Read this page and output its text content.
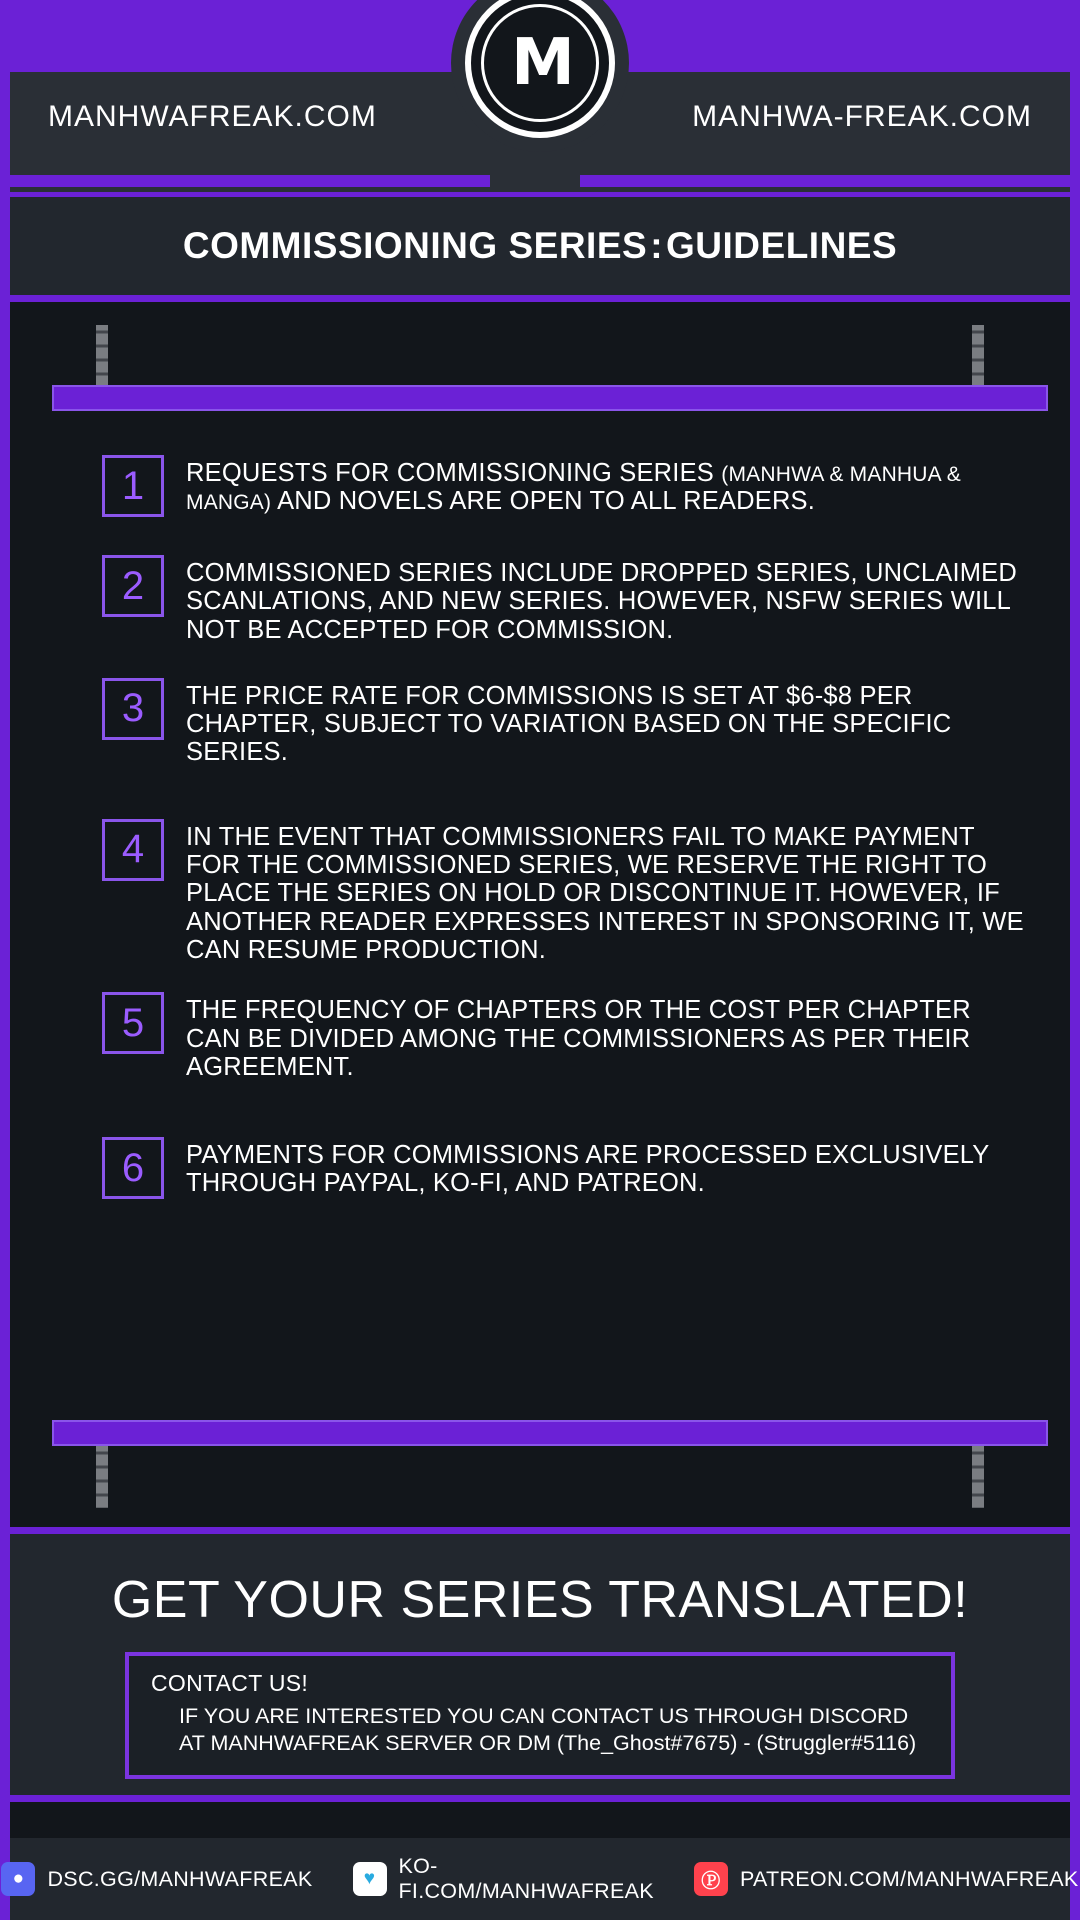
MANHWAFREAK.COM	MANHWA-FREAK.COM
M
COMMISSIONING SERIES:GUIDELINES
1	REQUESTS FOR COMMISSIONING SERIES (MANHWA & MANHUA & MANGA) AND NOVELS ARE OPEN TO ALL READERS.
2	COMMISSIONED SERIES INCLUDE DROPPED SERIES, UNCLAIMED SCANLATIONS, AND NEW SERIES. HOWEVER, NSFW SERIES WILL NOT BE ACCEPTED FOR COMMISSION.
3	THE PRICE RATE FOR COMMISSIONS IS SET AT $6-$8 PER CHAPTER, SUBJECT TO VARIATION BASED ON THE SPECIFIC SERIES.
4	IN THE EVENT THAT COMMISSIONERS FAIL TO MAKE PAYMENT FOR THE COMMISSIONED SERIES, WE RESERVE THE RIGHT TO PLACE THE SERIES ON HOLD OR DISCONTINUE IT. HOWEVER, IF ANOTHER READER EXPRESSES INTEREST IN SPONSORING IT, WE CAN RESUME PRODUCTION.
5	THE FREQUENCY OF CHAPTERS OR THE COST PER CHAPTER CAN BE DIVIDED AMONG THE COMMISSIONERS AS PER THEIR AGREEMENT.
6	PAYMENTS FOR COMMISSIONS ARE PROCESSED EXCLUSIVELY THROUGH PAYPAL, KO-FI, AND PATREON.
GET YOUR SERIES TRANSLATED!
CONTACT US!
IF YOU ARE INTERESTED YOU CAN CONTACT US THROUGH DISCORD
AT MANHWAFREAK SERVER OR DM (The_Ghost#7675) - (Struggler#5116)
●	DSC.GG/MANHWAFREAK	♥
KO-FI.COM/MANHWAFREAK	Ⓟ PATREON.COM/MANHWAFREAK
